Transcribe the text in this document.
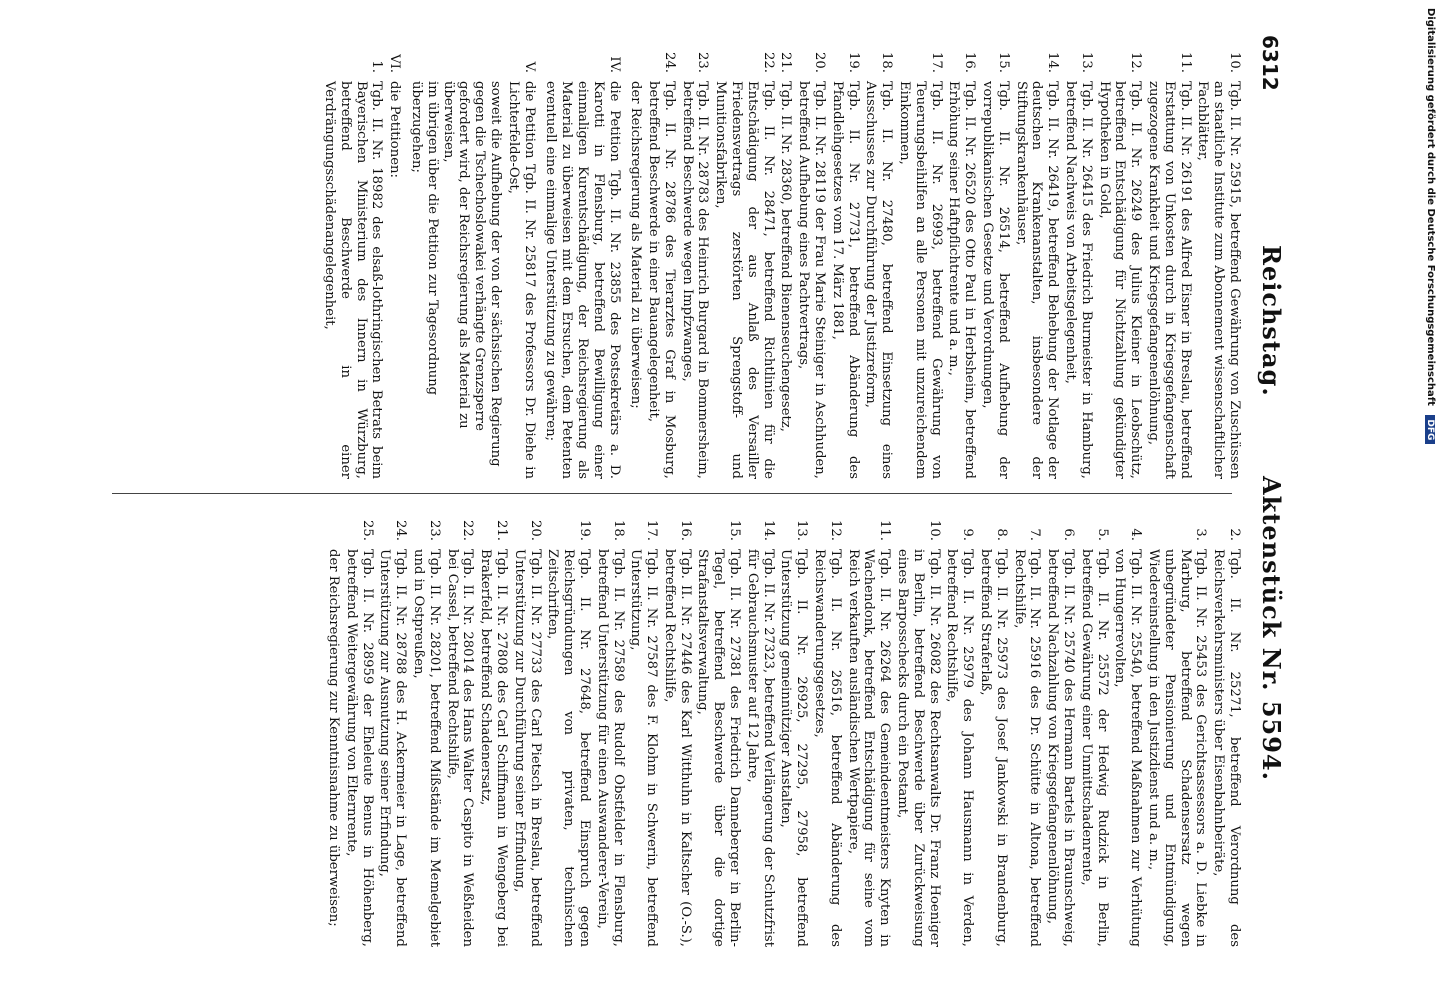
6312
Reichstag. Aktenstück Nr. 5594.
10.
Tgb. II. Nr. 25915, betreffend Gewährung von Zuschüssen an staatliche Institute zum Abonnement wissenschaftlicher Fachblätter,
11.
Tgb. II. Nr. 26191 des Alfred Eisner in Breslau, betreffend Erstattung von Unkosten durch in Kriegsgefangenschaft zugezogene Krankheit und Kriegsgefangenenlöhnung,
12.
Tgb. II. Nr. 26249 des Julius Kleiner in Leobschütz, betreffend Entschädigung für Nichtzahlung gekündigter Hypotheken in Gold,
13.
Tgb. II. Nr. 26415 des Friedrich Burmeister in Hamburg, betreffend Nachweis von Arbeitsgelegenheit,
14.
Tgb. II. Nr. 26419, betreffend Behebung der Notlage der deutschen Krankenanstalten, insbesondere der Stiftungskrankenhäuser,
15.
Tgb. II. Nr. 26514, betreffend Aufhebung der vorrepublikanischen Gesetze und Verordnungen,
16.
Tgb. II. Nr. 26520 des Otto Paul in Herbsheim, betreffend Erhöhung seiner Haftpflichtrente und a. m.,
17.
Tgb. II. Nr. 26993, betreffend Gewährung von Teuerungsbeihilfen an alle Personen mit unzureichendem Einkommen,
18.
Tgb. II. Nr. 27480, betreffend Einsetzung eines Ausschusses zur Durchführung der Justizreform,
19.
Tgb. II. Nr. 27731, betreffend Abänderung des Pfandleihgesetzes vom 17. März 1881,
20.
Tgb. II. Nr. 28119 der Frau Marie Steiniger in Aschhuden, betreffend Aufhebung eines Pachtvertrags,
21.
Tgb. II. Nr. 28360, betreffend Bienenseuchengesetz,
22.
Tgb. II. Nr. 28471, betreffend Richtlinien für die Entschädigung der aus Anlaß des Versailler Friedensvertrags zerstörten Sprengstoff- und Munitionsfabriken,
23.
Tgb. II. Nr. 28783 des Heinrich Burgard in Bommersheim, betreffend Beschwerde wegen Impfzwanges,
24.
Tgb. II. Nr. 28786 des Tierarztes Graf in Mosburg, betreffend Beschwerde in einer Bauangelegenheit,
der Reichsregierung als Material zu überweisen;
IV.
die Petition Tgb. II. Nr. 23855 des Postsekretärs a. D. Karotti in Flensburg, betreffend Bewilligung einer einmaligen Kurentschädigung, der Reichsregierung als Material zu überweisen mit dem Ersuchen, dem Petenten eventuell eine einmalige Unterstützung zu gewähren;
V.
die Petition Tgb. II. Nr. 25817 des Professors Dr. Diehe in Lichterfelde-Ost,
soweit die Aufhebung der von der sächsischen Regierung gegen die Tschechoslowakei verhängte Grenzsperre gefordert wird, der Reichsregierung als Material zu überweisen,
im übrigen über die Petition zur Tagesordnung überzugehen;
VI.
die Petitionen:
1.
Tgb. II. Nr. 18982 des elsaß-lothringischen Betrats beim Bayerischen Ministerium des Innern in Würzburg, betreffend Beschwerde in einer Verdrängungsschädenangelegenheit,
2.
Tgb. II. Nr. 25271, betreffend Verordnung des Reichsverkehrsministers über Eisenbahnbeiräte,
3.
Tgb. II. Nr. 25453 des Gerichtsassessors a. D. Liebke in Marburg, betreffend Schadensersatz wegen unbegründeter Pensionierung und Entmündigung, Wiedereinstellung in den Justizdienst und a. m.,
4.
Tgb. II. Nr. 25540, betreffend Maßnahmen zur Verhütung von Hungerrevolten,
5.
Tgb. II. Nr. 25572 der Hedwig Rudzick in Berlin, betreffend Gewährung einer Unmittschadenrente,
6.
Tgb. II. Nr. 25740 des Hermann Bartels in Braunschweig, betreffend Nachzahlung von Kriegsgefangenenlöhnung,
7.
Tgb. II. Nr. 25916 des Dr. Schütte in Altona, betreffend Rechtshilfe,
8.
Tgb. II. Nr. 25973 des Josef Jankowski in Brandenburg, betreffend Straferlaß,
9.
Tgb. II. Nr. 25979 des Johann Hausmann in Verden, betreffend Rechtshilfe,
10.
Tgb. II. Nr. 26082 des Rechtsanwalts Dr. Franz Hoeniger in Berlin, betreffend Beschwerde über Zurückweisung eines Barposschecks durch ein Postamt,
11.
Tgb. II. Nr. 26264 des Gemeindeentmeisters Knyten in Wachendonk, betreffend Entschädigung für seine vom Reich verkauften ausländischen Wertpapiere,
12.
Tgb. II. Nr. 26516, betreffend Abänderung des Reichswanderungsgesetzes,
13.
Tgb. II. Nr. 26925, 27295, 27958, betreffend Unterstützung gemeinnütziger Anstalten,
14.
Tgb. II. Nr. 27323, betreffend Verlängerung der Schutzfrist für Gebrauchsmuster auf 12 Jahre,
15.
Tgb. II. Nr. 27381 des Friedrich Danneberger in Berlin-Tegel, betreffend Beschwerde über die dortige Strafanstaltsverwaltung,
16.
Tgb. II. Nr. 27446 des Karl Witthuhn in Kaltscher (O.-S.), betreffend Rechtshilfe,
17.
Tgb. II. Nr. 27587 des F. Klohm in Schwerin, betreffend Unterstützung,
18.
Tgb. II. Nr. 27589 des Rudolf Obstfelder in Flensburg, betreffend Unterstützung für einen Auswanderer-Verein,
19.
Tgb. II. Nr. 27648, betreffend Einspruch gegen Reichsgründungen von privaten, technischen Zeitschriften,
20.
Tgb. II. Nr. 27733 des Carl Pietsch in Breslau, betreffend Unterstützung zur Durchführung seiner Erfindung,
21.
Tgb. II. Nr. 27808 des Carl Schiffmann in Wengeberg bei Brakerfeld, betreffend Schadenersatz,
22.
Tgb. II. Nr. 28014 des Hans Walter Caspito in Weßheiden bei Cassel, betreffend Rechtshilfe,
23.
Tgb. II. Nr. 28201, betreffend Mißstände im Memelgebiet und in Ostpreußen,
24.
Tgb. II. Nr. 28788 des H. Ackermeier in Lage, betreffend Unterstützung zur Ausnutzung seiner Erfindung,
25.
Tgb. II. Nr. 28959 der Eheleute Benus in Höhenberg, betreffend Weitergewährung von Elternrente,
der Reichsregierung zur Kenntnisnahme zu überweisen;
Digitalisierung gefördert durch die Deutsche Forschungsgemeinschaft DFG
